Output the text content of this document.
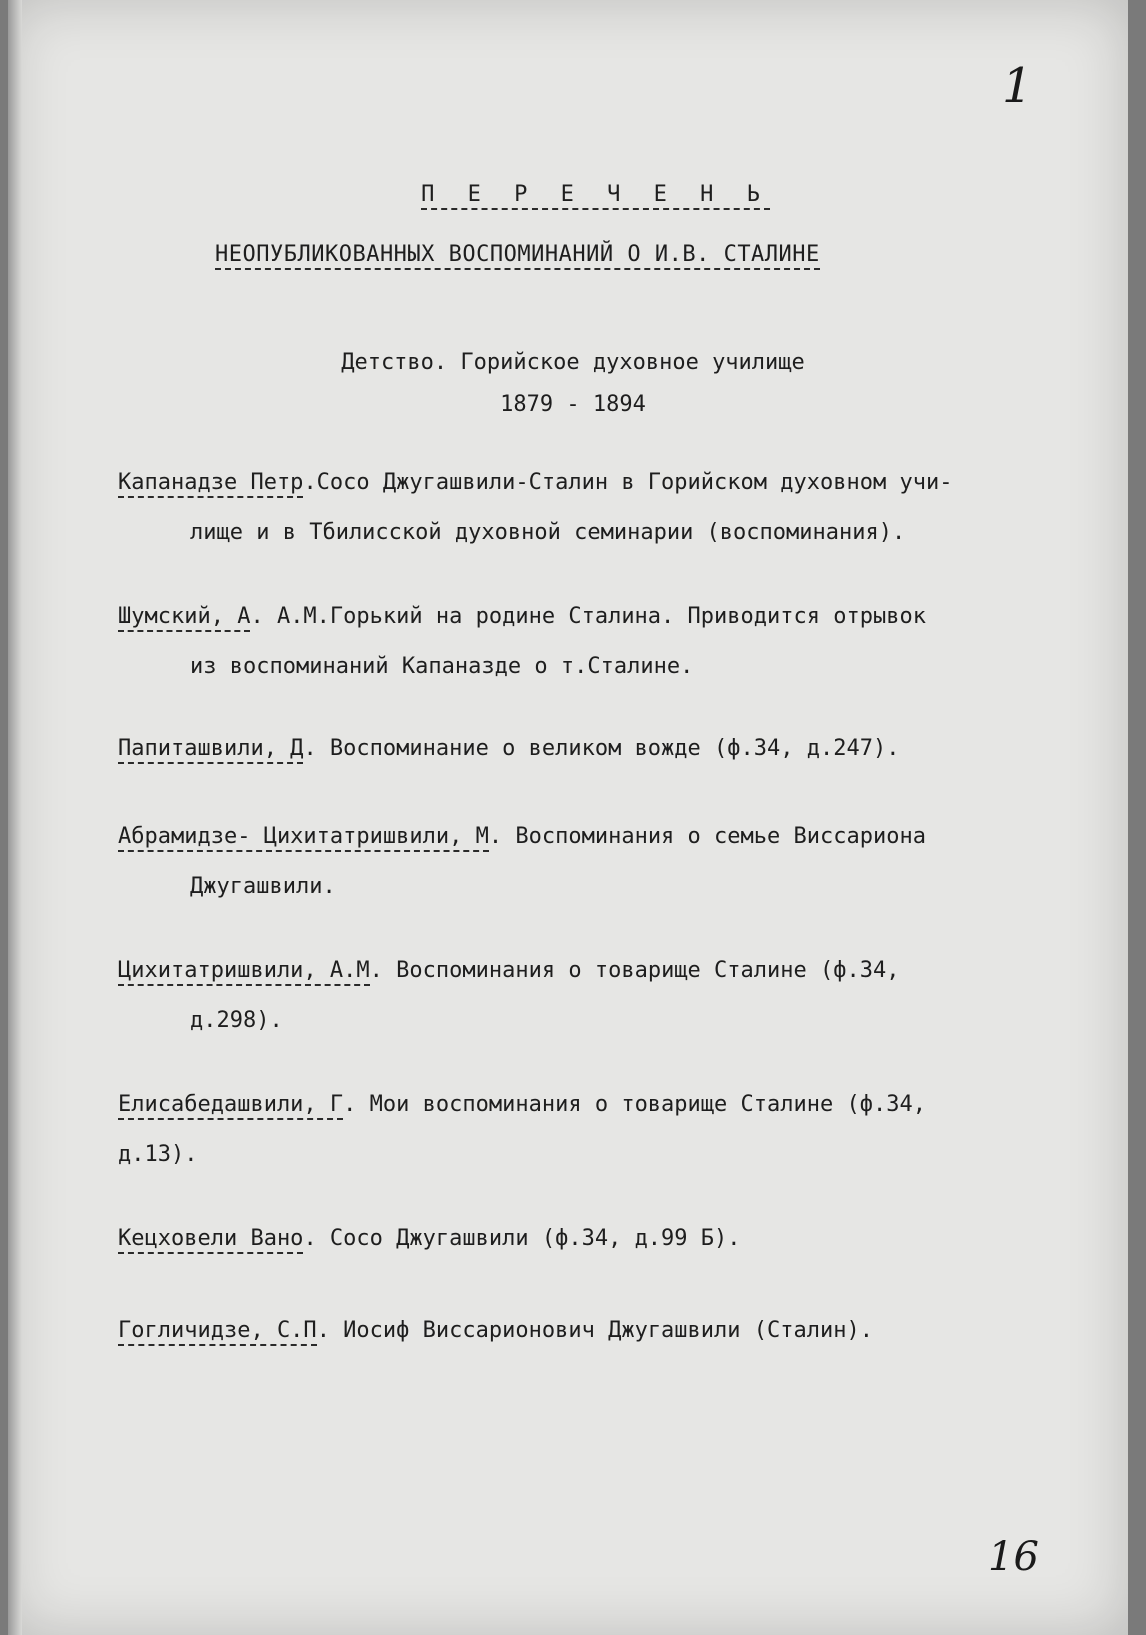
1
П Е Р Е Ч Е Н Ь
НЕОПУБЛИКОВАННЫХ ВОСПОМИНАНИЙ О И.В. СТАЛИНЕ
Детство. Горийское духовное училище
1879 - 1894
Капанадзе Петр.Сосо Джугашвили-Сталин в Горийском духовном учи-
лище и в Тбилисской духовной семинарии (воспоминания).
Шумский, А. А.М.Горький на родине Сталина. Приводится отрывок
из воспоминаний Капаназде о т.Сталине.
Папиташвили, Д. Воспоминание о великом вожде (ф.34, д.247).
Абрамидзе- Цихитатришвили, М. Воспоминания о семье Виссариона
Джугашвили.
Цихитатришвили, А.М. Воспоминания о товарище Сталине (ф.34,
д.298).
Елисабедашвили, Г. Мои воспоминания о товарище Сталине (ф.34,
д.13).
Кецховели Вано. Сосо Джугашвили (ф.34, д.99 Б).
Гогличидзе, С.П. Иосиф Виссарионович Джугашвили (Сталин).
16
